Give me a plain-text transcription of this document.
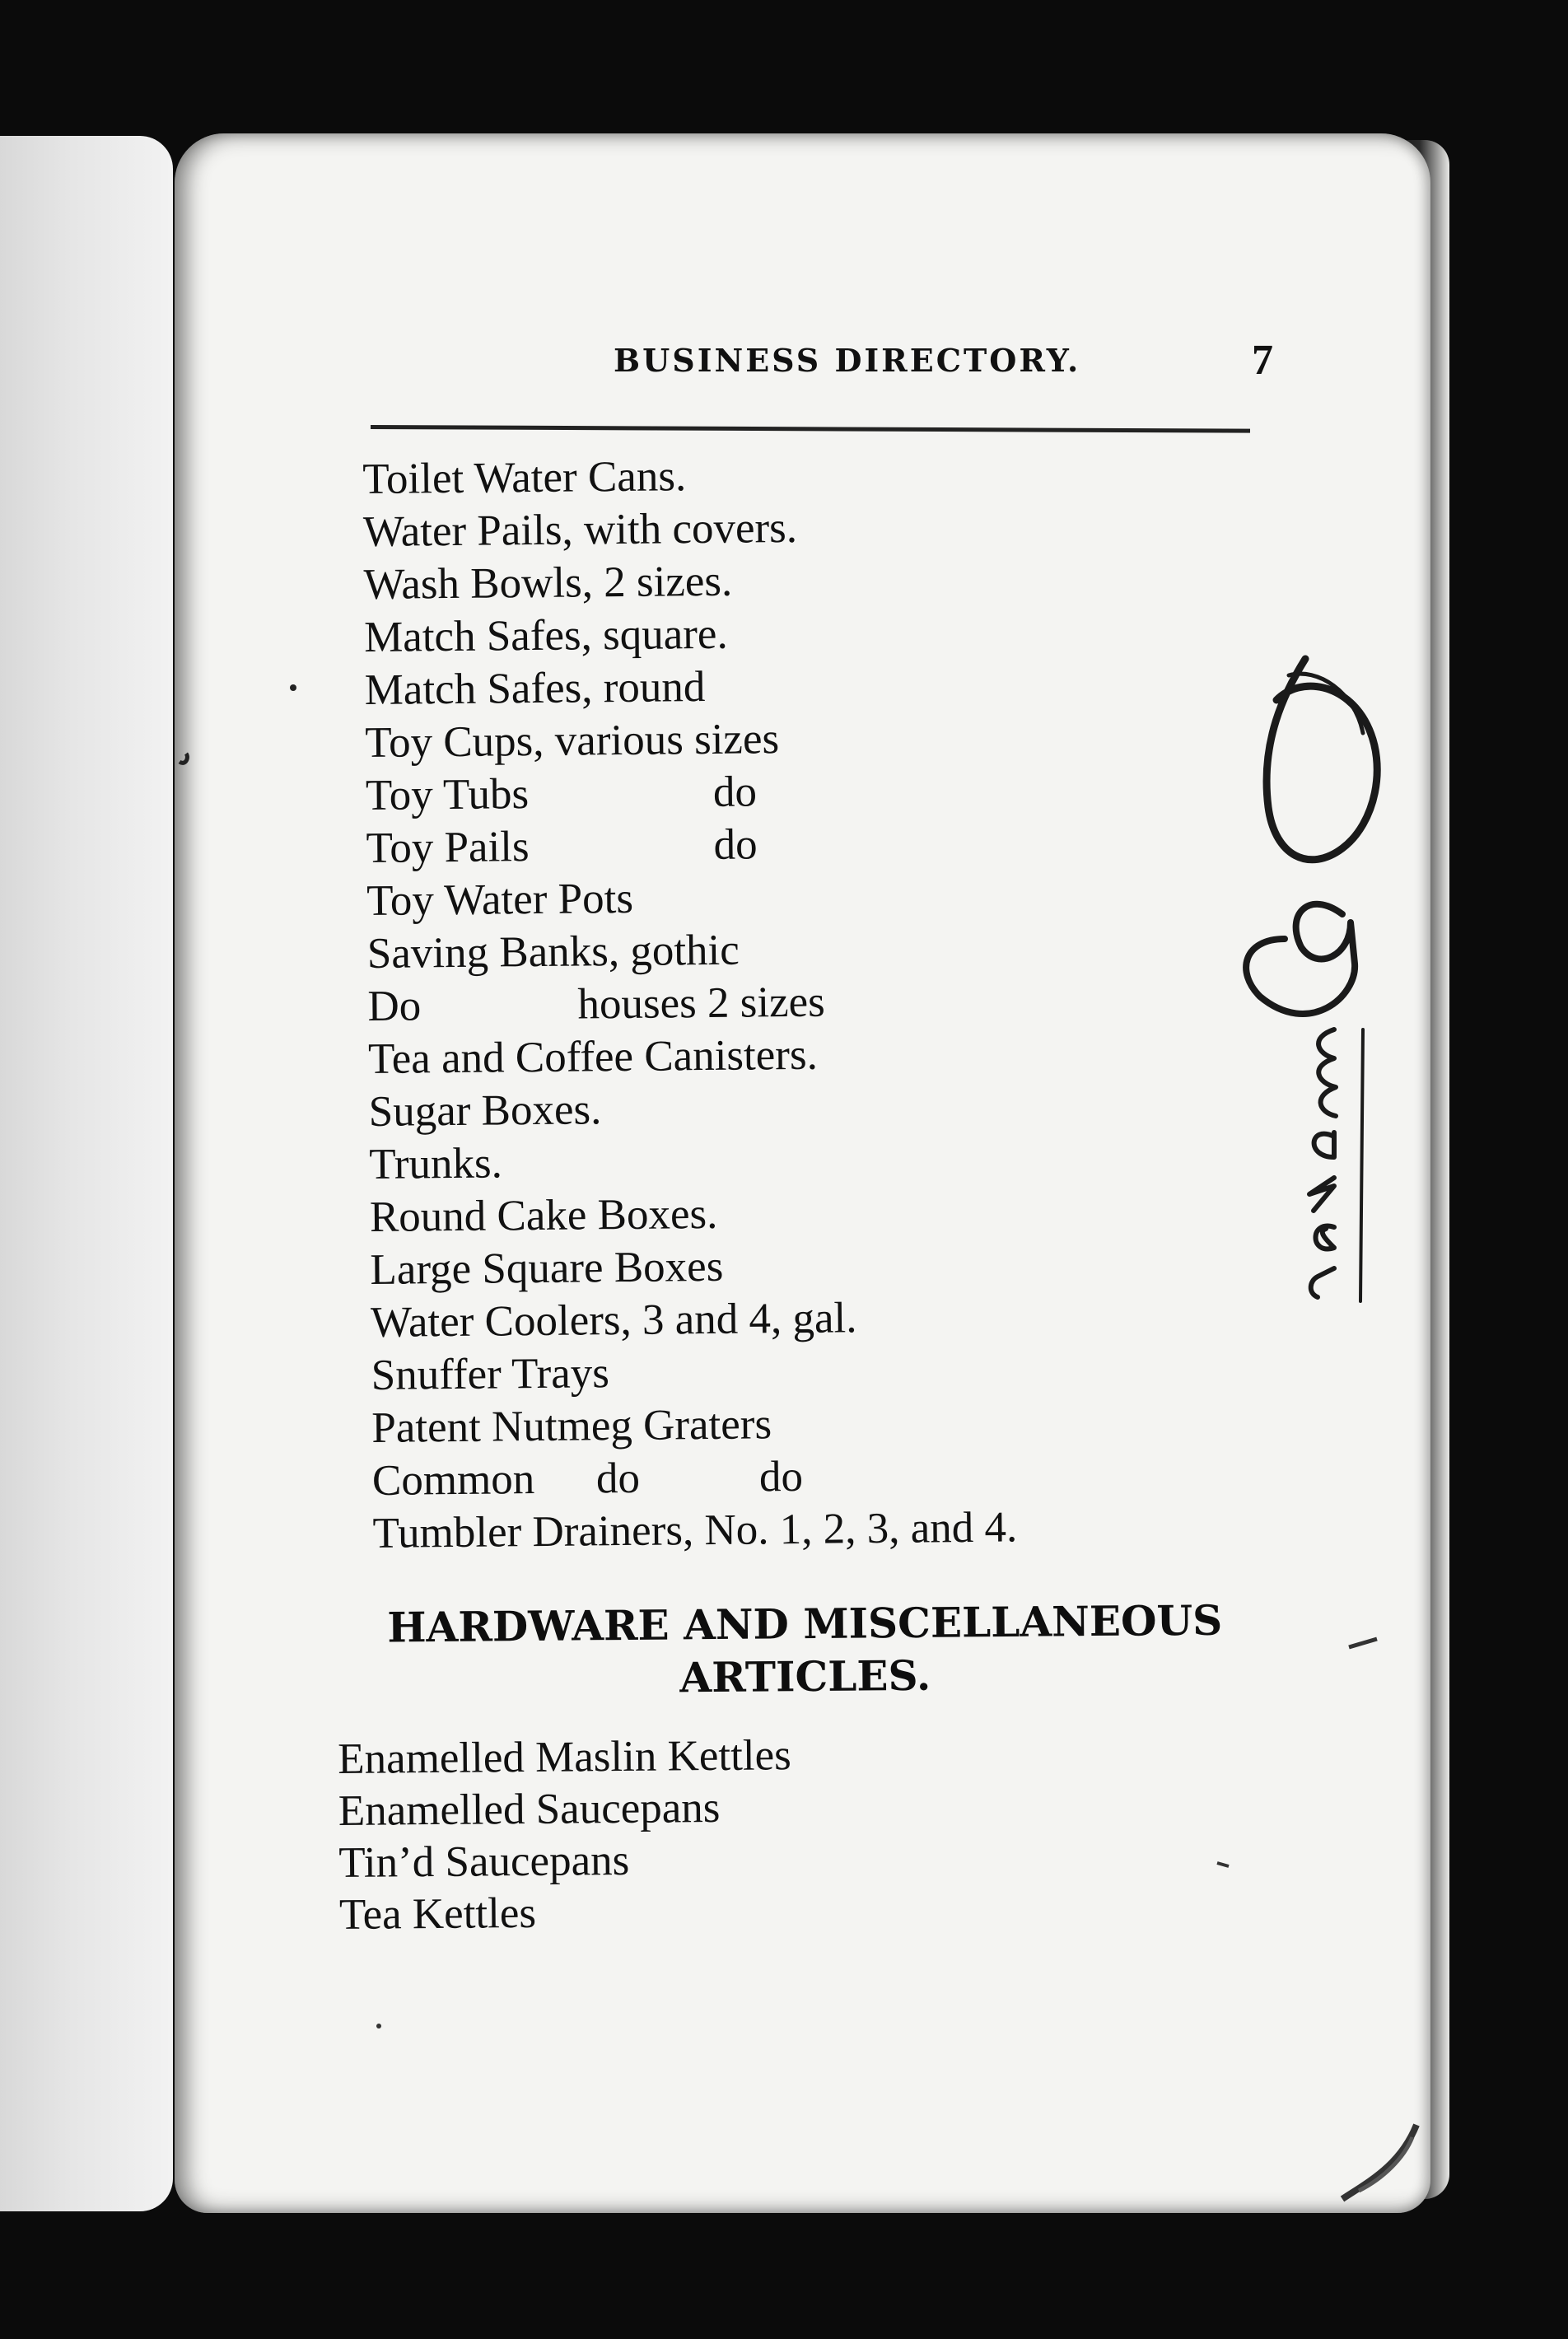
BUSINESS DIRECTORY.	7
Toilet Water Cans.
Water Pails, with covers.
Wash Bowls, 2 sizes.
Match Safes, square.
Match Safes, round
Toy Cups, various sizes
Toy Tubs	do
Toy Pails	do
Toy Water Pots
Saving Banks, gothic
Do	houses 2 sizes
Tea and Coffee Canisters.
Sugar Boxes.
Trunks.
Round Cake Boxes.
Large Square Boxes
Water Coolers, 3 and 4, gal.
Snuffer Trays
Patent Nutmeg Graters
Common do	do
Tumbler Drainers, No. 1, 2, 3, and 4.
HARDWARE AND MISCELLANEOUS
ARTICLES.
Enamelled Maslin Kettles
Enamelled Saucepans
Tin’d Saucepans
Tea Kettles
